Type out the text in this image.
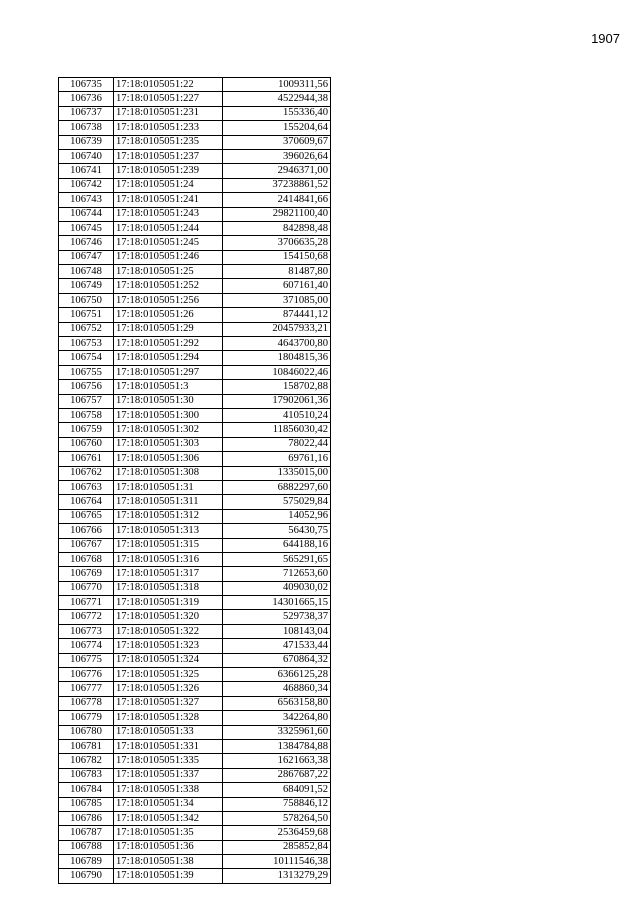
1907
106735	17:18:0105051:22	1009311,56
106736	17:18:0105051:227	4522944,38
106737	17:18:0105051:231	155336,40
106738	17:18:0105051:233	155204,64
106739	17:18:0105051:235	370609,67
106740	17:18:0105051:237	396026,64
106741	17:18:0105051:239	2946371,00
106742	17:18:0105051:24	37238861,52
106743	17:18:0105051:241	2414841,66
106744	17:18:0105051:243	29821100,40
106745	17:18:0105051:244	842898,48
106746	17:18:0105051:245	3706635,28
106747	17:18:0105051:246	154150,68
106748	17:18:0105051:25	81487,80
106749	17:18:0105051:252	607161,40
106750	17:18:0105051:256	371085,00
106751	17:18:0105051:26	874441,12
106752	17:18:0105051:29	20457933,21
106753	17:18:0105051:292	4643700,80
106754	17:18:0105051:294	1804815,36
106755	17:18:0105051:297	10846022,46
106756	17:18:0105051:3	158702,88
106757	17:18:0105051:30	17902061,36
106758	17:18:0105051:300	410510,24
106759	17:18:0105051:302	11856030,42
106760	17:18:0105051:303	78022,44
106761	17:18:0105051:306	69761,16
106762	17:18:0105051:308	1335015,00
106763	17:18:0105051:31	6882297,60
106764	17:18:0105051:311	575029,84
106765	17:18:0105051:312	14052,96
106766	17:18:0105051:313	56430,75
106767	17:18:0105051:315	644188,16
106768	17:18:0105051:316	565291,65
106769	17:18:0105051:317	712653,60
106770	17:18:0105051:318	409030,02
106771	17:18:0105051:319	14301665,15
106772	17:18:0105051:320	529738,37
106773	17:18:0105051:322	108143,04
106774	17:18:0105051:323	471533,44
106775	17:18:0105051:324	670864,32
106776	17:18:0105051:325	6366125,28
106777	17:18:0105051:326	468860,34
106778	17:18:0105051:327	6563158,80
106779	17:18:0105051:328	342264,80
106780	17:18:0105051:33	3325961,60
106781	17:18:0105051:331	1384784,88
106782	17:18:0105051:335	1621663,38
106783	17:18:0105051:337	2867687,22
106784	17:18:0105051:338	684091,52
106785	17:18:0105051:34	758846,12
106786	17:18:0105051:342	578264,50
106787	17:18:0105051:35	2536459,68
106788	17:18:0105051:36	285852,84
106789	17:18:0105051:38	10111546,38
106790	17:18:0105051:39	1313279,29
